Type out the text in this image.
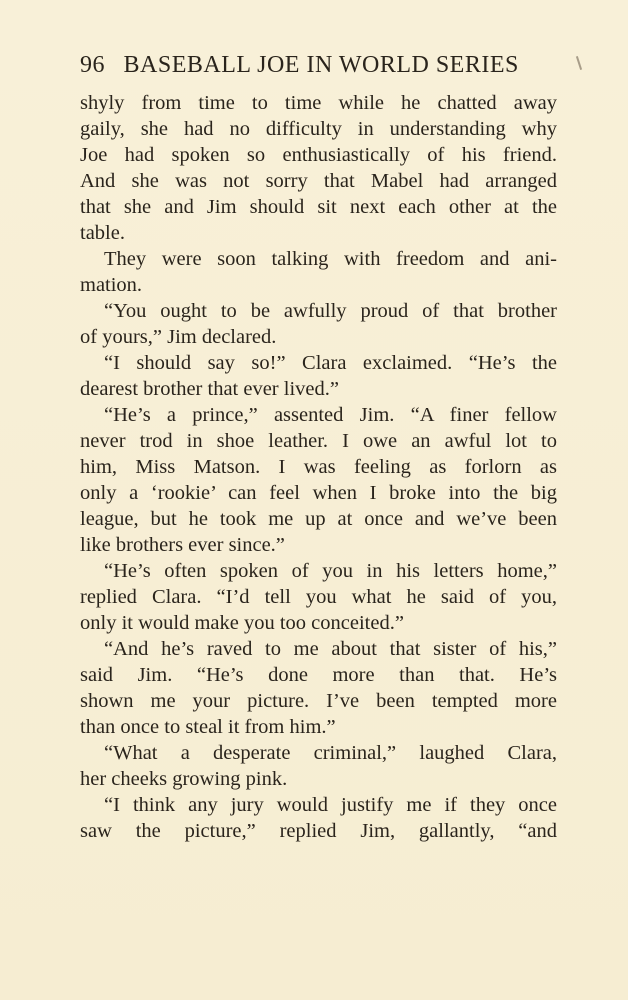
96 BASEBALL JOE IN WORLD SERIES
shyly from time to time while he chatted away
gaily, she had no difficulty in understanding why
Joe had spoken so enthusiastically of his friend.
And she was not sorry that Mabel had arranged
that she and Jim should sit next each other at the
table.
They were soon talking with freedom and ani-
mation.
“You ought to be awfully proud of that brother
of yours,” Jim declared.
“I should say so!” Clara exclaimed. “He’s the
dearest brother that ever lived.”
“He’s a prince,” assented Jim. “A finer fellow
never trod in shoe leather. I owe an awful lot to
him, Miss Matson. I was feeling as forlorn as
only a ‘rookie’ can feel when I broke into the big
league, but he took me up at once and we’ve been
like brothers ever since.”
“He’s often spoken of you in his letters home,”
replied Clara. “I’d tell you what he said of you,
only it would make you too conceited.”
“And he’s raved to me about that sister of his,”
said Jim. “He’s done more than that. He’s
shown me your picture. I’ve been tempted more
than once to steal it from him.”
“What a desperate criminal,” laughed Clara,
her cheeks growing pink.
“I think any jury would justify me if they once
saw the picture,” replied Jim, gallantly, “and
